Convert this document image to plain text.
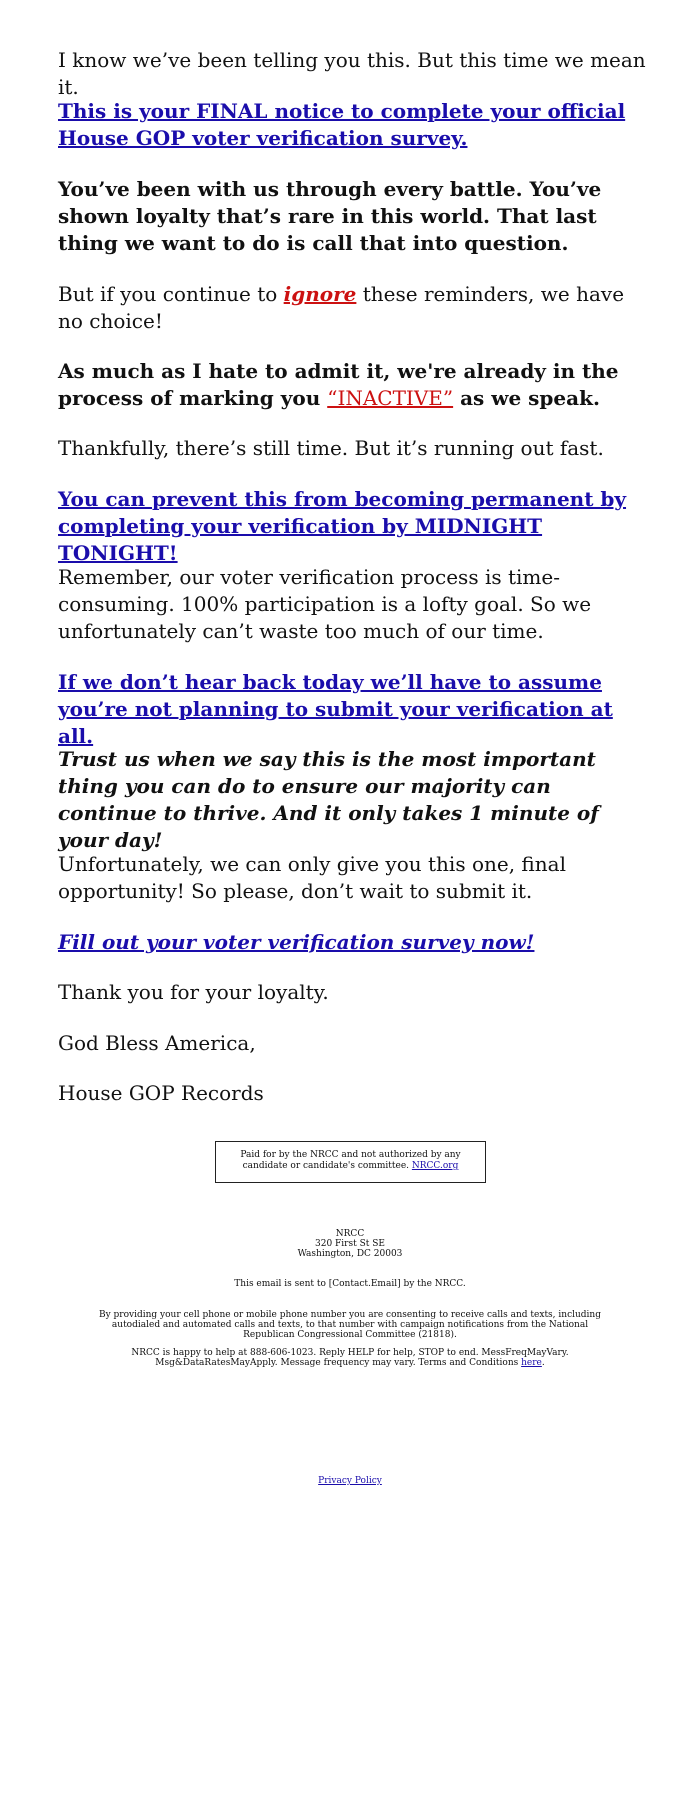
I know we’ve been telling you this. But this time we mean it.

This is your FINAL notice to complete your official House GOP voter verification survey.

You’ve been with us through every battle. You’ve shown loyalty that’s rare in this world. That last thing we want to do is call that into question.

But if you continue to ignore these reminders, we have no choice!

As much as I hate to admit it, we're already in the process of marking you “INACTIVE” as we speak.

Thankfully, there’s still time. But it’s running out fast.

You can prevent this from becoming permanent by completing your verification by MIDNIGHT TONIGHT!

Remember, our voter verification process is time-consuming. 100% participation is a lofty goal. So we unfortunately can’t waste too much of our time.

If we don’t hear back today we’ll have to assume you’re not planning to submit your verification at all.

Trust us when we say this is the most important thing you can do to ensure our majority can continue to thrive. And it only takes 1 minute of your day!

Unfortunately, we can only give you this one, final opportunity! So please, don’t wait to submit it.

Fill out your voter verification survey now!

Thank you for your loyalty.

God Bless America,

House GOP Records

Paid for by the NRCC and not authorized by any candidate or candidate's committee. NRCC.org

NRCC

320 First St SE

Washington, DC 20003

This email is sent to [Contact.Email] by the NRCC.

By providing your cell phone or mobile phone number you are consenting to receive calls and texts, including autodialed and automated calls and texts, to that number with campaign notifications from the National Republican Congressional Committee (21818).
NRCC is happy to help at 888-606-1023. Reply HELP for help, STOP to end. MessFreqMayVary. Msg&DataRatesMayApply. Message frequency may vary. Terms and Conditions here.

Privacy Policy
